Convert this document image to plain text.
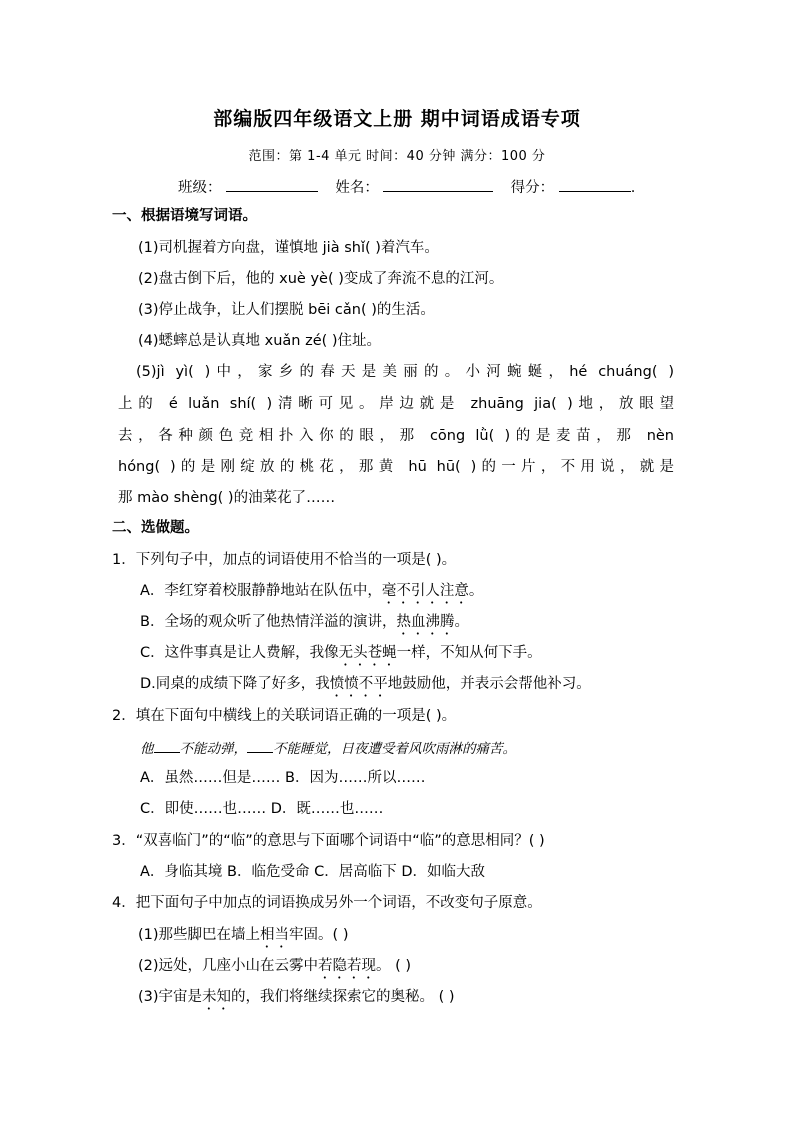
部编版四年级语文上册 期中词语成语专项
范围：第 1-4 单元 时间：40 分钟 满分：100 分
班级：	姓名：	得分：	.
一、根据语境写词语。
(1)司机握着方向盘，谨慎地 jià shǐ( )着汽车。
(2)盘古倒下后，他的 xuè yè( )变成了奔流不息的江河。
(3)停止战争，让人们摆脱 bēi cǎn( )的生活。
(4)蟋蟀总是认真地 xuǎn zé( )住址。
(5)jì yì( )中，家乡的春天是美丽的。小河蜿蜒，hé chuáng( )
上的 é luǎn shí( )清晰可见。岸边就是 zhuāng jia( )地，放眼望
去，各种颜色竞相扑入你的眼，那 cōng lǜ( )的是麦苗，那 nèn
hóng( )的是刚绽放的桃花，那黄 hū hū( )的一片，不用说，就是
那 mào shèng( )的油菜花了……
二、选做题。
1．下列句子中，加点的词语使用不恰当的一项是( )。
A．李红穿着校服静静地站在队伍中，毫不引人注意。
B．全场的观众听了他热情洋溢的演讲，热血沸腾。
C．这件事真是让人费解，我像无头苍蝇一样，不知从何下手。
D.同桌的成绩下降了好多，我愤愤不平地鼓励他，并表示会帮他补习。
2．填在下面句中横线上的关联词语正确的一项是( )。
他 不能动弹， 不能睡觉，日夜遭受着风吹雨淋的痛苦。
A．虽然……但是…… B．因为……所以……
C．即使……也…… D．既……也……
3．“双喜临门”的“临”的意思与下面哪个词语中“临”的意思相同？( )
A．身临其境 B．临危受命 C．居高临下 D．如临大敌
4．把下面句子中加点的词语换成另外一个词语，不改变句子原意。
(1)那些脚巴在墙上相当牢固。( )
(2)远处，几座小山在云雾中若隐若现。 ( )
(3)宇宙是未知的，我们将继续探索它的奥秘。 ( )
